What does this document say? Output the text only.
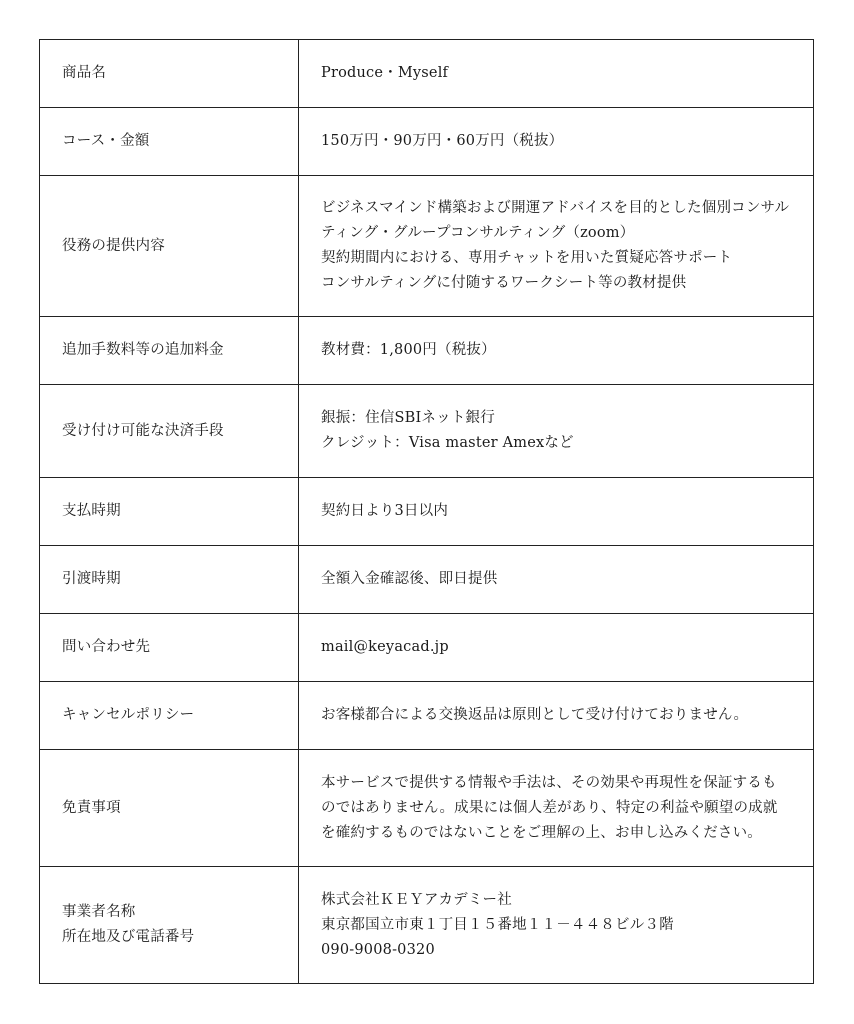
商品名	Produce・Myself

コース・金額	150万円・90万円・60万円（税抜）

役務の提供内容	ビジネスマインド構築および開運アドバイスを目的とした個別コンサル
ティング・グループコンサルティング（zoom）
契約期間内における、専用チャットを用いた質疑応答サポート
コンサルティングに付随するワークシート等の教材提供

追加手数料等の追加料金	教材費：1,800円（税抜）

受け付け可能な決済手段	銀振：住信SBIネット銀行
クレジット：Visa master Amexなど

支払時期	契約日より3日以内

引渡時期	全額入金確認後、即日提供

問い合わせ先	mail@keyacad.jp

キャンセルポリシー	お客様都合による交換返品は原則として受け付けておりません。

免責事項	本サービスで提供する情報や手法は、その効果や再現性を保証するも
のではありません。成果には個人差があり、特定の利益や願望の成就
を確約するものではないことをご理解の上、お申し込みください。

事業者名称
所在地及び電話番号	株式会社ＫＥＹアカデミー社
東京都国立市東１丁目１５番地１１－４４８ビル３階
090-9008-0320
